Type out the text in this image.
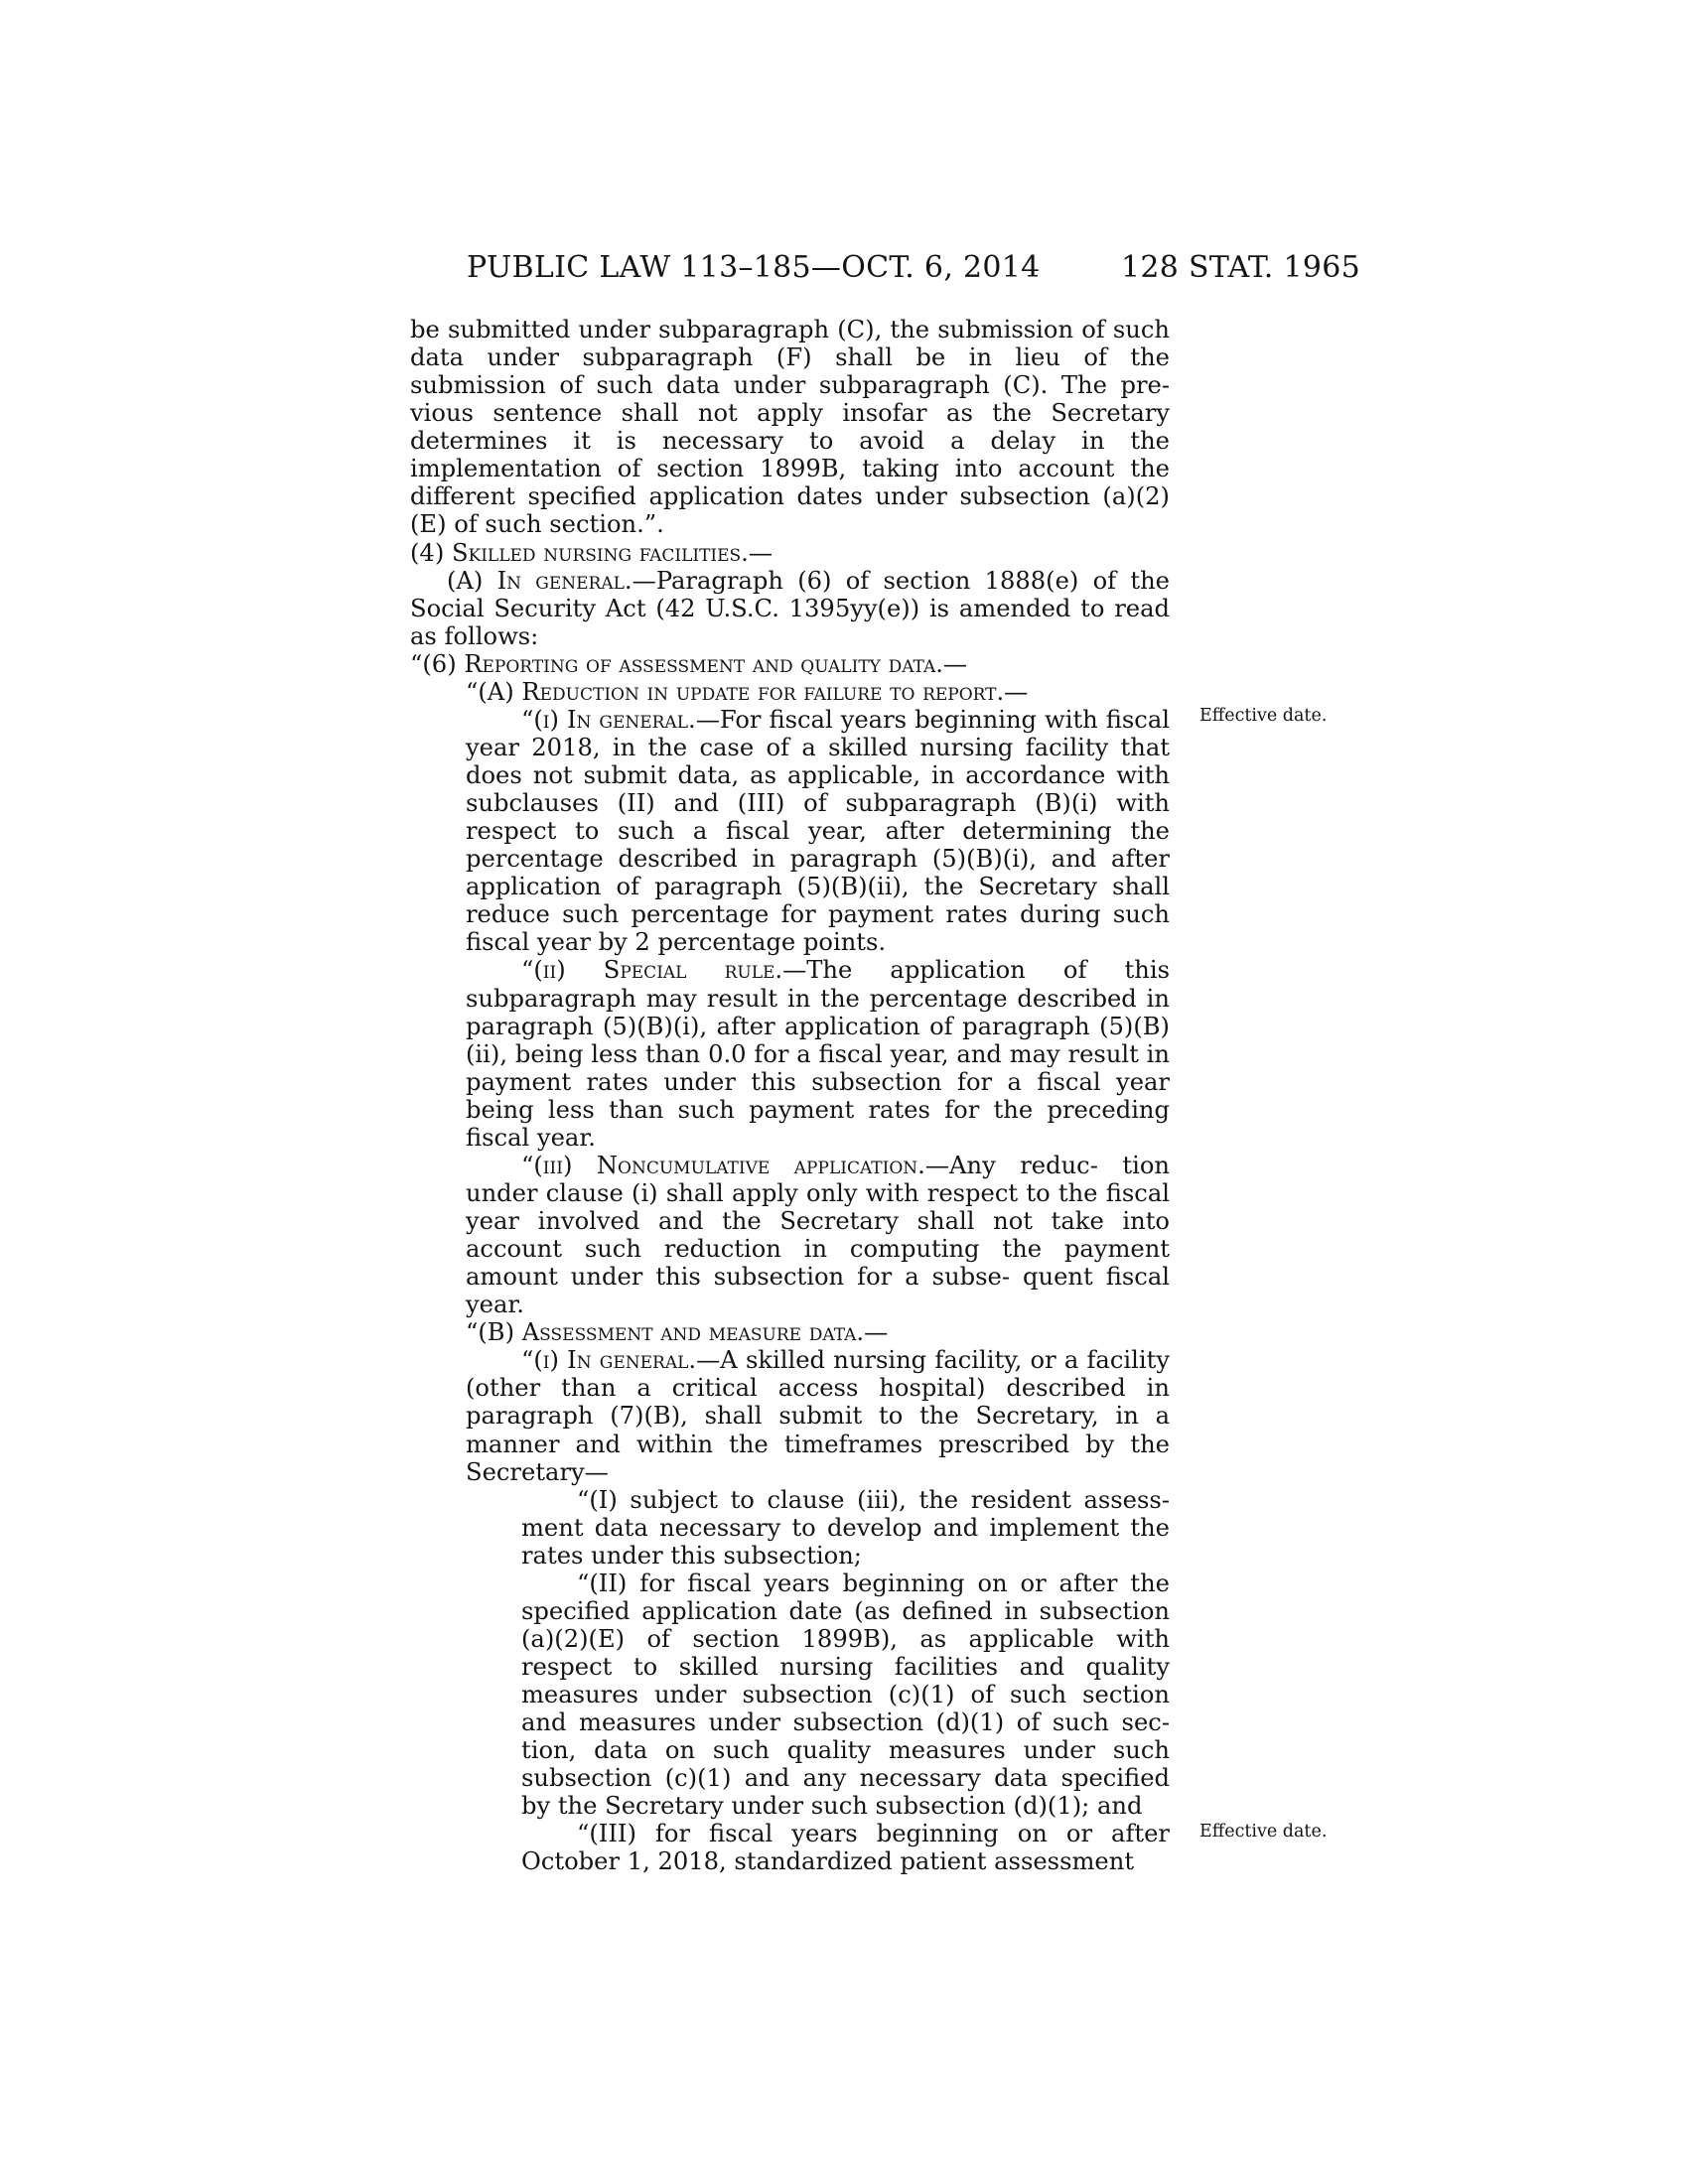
PUBLIC LAW 113–185—OCT. 6, 2014	128 STAT. 1965
Effective date.
Effective date.

be submitted under subparagraph (C), the submission of such data under subparagraph (F) shall be in lieu of the submission of such data under subparagraph (C). The pre- vious sentence shall not apply insofar as the Secretary determines it is necessary to avoid a delay in the implementation of section 1899B, taking into account the different specified application dates under subsection (a)(2)(E) of such section.”.

(4) Skilled nursing facilities.—

(A) In general.—Paragraph (6) of section 1888(e) of the Social Security Act (42 U.S.C. 1395yy(e)) is amended to read as follows:

“(6) Reporting of assessment and quality data.—

“(A) Reduction in update for failure to report.—

“(i) In general.—For fiscal years beginning with fiscal year 2018, in the case of a skilled nursing facility that does not submit data, as applicable, in accordance with subclauses (II) and (III) of subparagraph (B)(i) with respect to such a fiscal year, after determining the percentage described in paragraph (5)(B)(i), and after application of paragraph (5)(B)(ii), the Secretary shall reduce such percentage for payment rates during such fiscal year by 2 percentage points.

“(ii) Special rule.—The application of this subparagraph may result in the percentage described in paragraph (5)(B)(i), after application of paragraph (5)(B)(ii), being less than 0.0 for a fiscal year, and may result in payment rates under this subsection for a fiscal year being less than such payment rates for the preceding fiscal year.

“(iii) Noncumulative application.—Any reduc- tion under clause (i) shall apply only with respect to the fiscal year involved and the Secretary shall not take into account such reduction in computing the payment amount under this subsection for a subse- quent fiscal year.

“(B) Assessment and measure data.—

“(i) In general.—A skilled nursing facility, or a facility (other than a critical access hospital) described in paragraph (7)(B), shall submit to the Secretary, in a manner and within the timeframes prescribed by the Secretary—

“(I) subject to clause (iii), the resident assess- ment data necessary to develop and implement the rates under this subsection;

“(II) for fiscal years beginning on or after the specified application date (as defined in subsection (a)(2)(E) of section 1899B), as applicable with respect to skilled nursing facilities and quality measures under subsection (c)(1) of such section and measures under subsection (d)(1) of such sec- tion, data on such quality measures under such subsection (c)(1) and any necessary data specified by the Secretary under such subsection (d)(1); and

“(III) for fiscal years beginning on or after October 1, 2018, standardized patient assessment
